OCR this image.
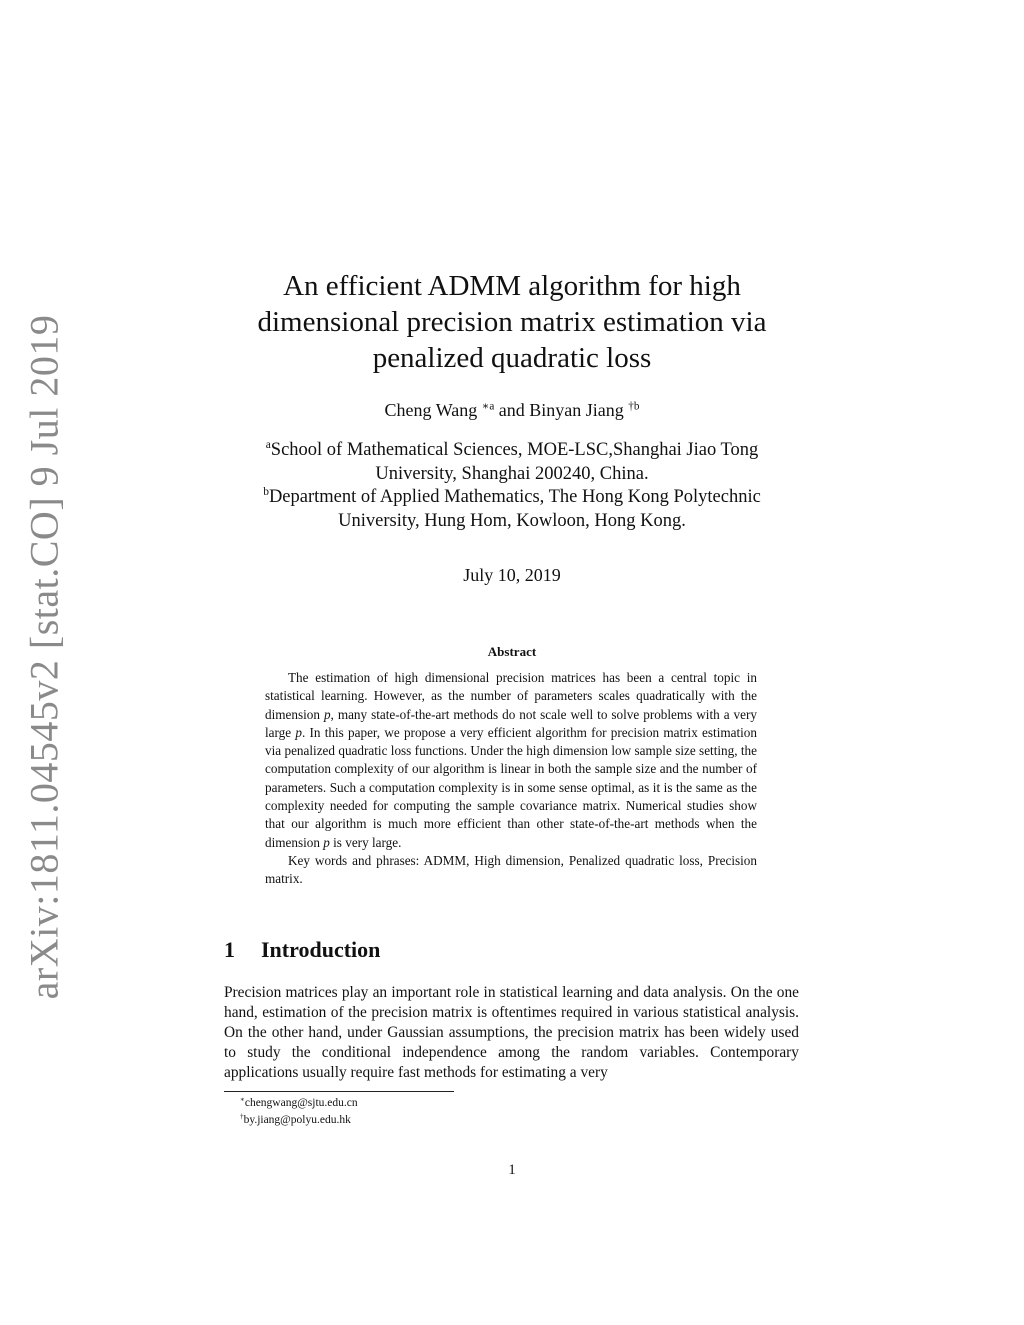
arXiv:1811.04545v2 [stat.CO] 9 Jul 2019
An efficient ADMM algorithm for high
dimensional precision matrix estimation via
penalized quadratic loss
Cheng Wang $^{∗a}$ and Binyan Jiang $^{\dagger b}$
$^a$School of Mathematical Sciences, MOE-LSC,Shanghai Jiao Tong
University, Shanghai 200240, China.
$^b$Department of Applied Mathematics, The Hong Kong Polytechnic
University, Hung Hom, Kowloon, Hong Kong.
July 10, 2019
Abstract

The estimation of high dimensional precision matrices has been a central topic in statistical learning. However, as the number of parameters scales quadratically with the dimension p, many state-of-the-art methods do not scale well to solve problems with a very large p. In this paper, we propose a very efficient algorithm for precision matrix estimation via penalized quadratic loss functions. Under the high dimension low sample size setting, the computation complexity of our algorithm is linear in both the sample size and the number of parameters. Such a computation complexity is in some sense optimal, as it is the same as the complexity needed for computing the sample covariance matrix. Numerical studies show that our algorithm is much more efficient than other state-of-the-art methods when the dimension p is very large.

Key words and phrases: ADMM, High dimension, Penalized quadratic loss, Precision matrix.

1 Introduction

Precision matrices play an important role in statistical learning and data analysis. On the one hand, estimation of the precision matrix is oftentimes required in various statistical analysis. On the other hand, under Gaussian assumptions, the precision matrix has been widely used to study the conditional independence among the random variables. Contemporary applications usually require fast methods for estimating a very

∗chengwang@sjtu.edu.cn
†by.jiang@polyu.edu.hk
1
